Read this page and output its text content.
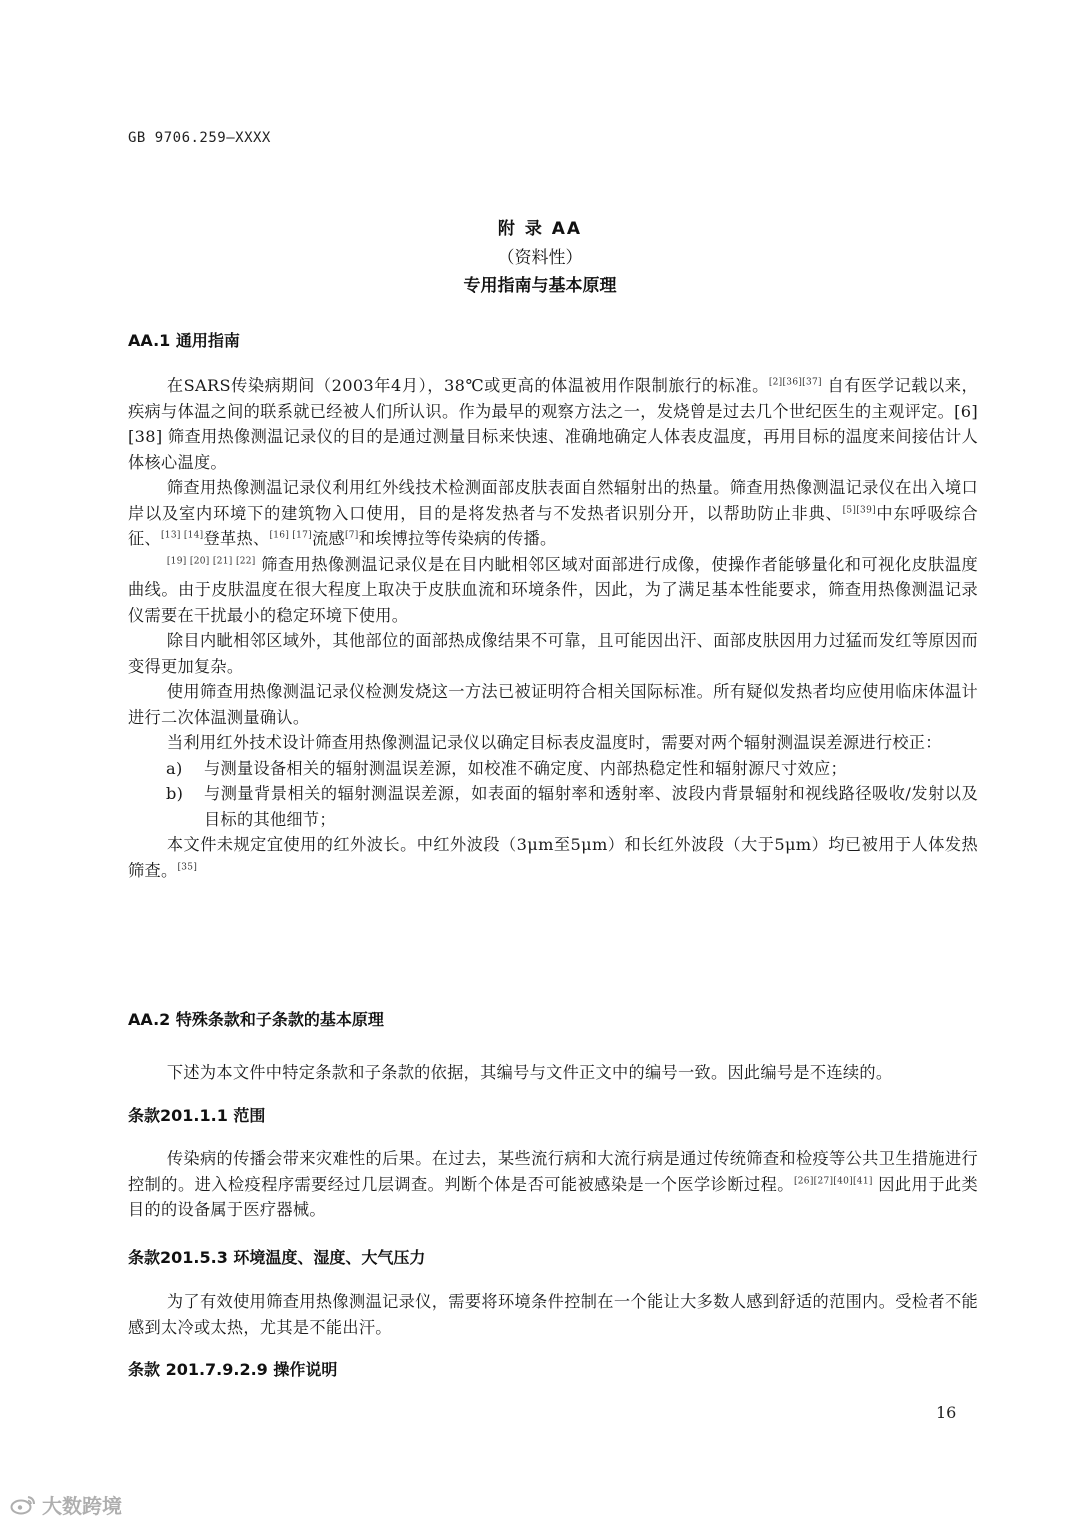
GB 9706.259—XXXX
附 录 AA
（资料性）
专用指南与基本原理
AA.1 通用指南

在SARS传染病期间（2003年4月），38℃或更高的体温被用作限制旅行的标准。[2][36][37] 自有医学记载以来，疾病与体温之间的联系就已经被人们所认识。作为最早的观察方法之一，发烧曾是过去几个世纪医生的主观评定。[6][38] 筛查用热像测温记录仪的目的是通过测量目标来快速、准确地确定人体表皮温度，再用目标的温度来间接估计人体核心温度。

筛查用热像测温记录仪利用红外线技术检测面部皮肤表面自然辐射出的热量。筛查用热像测温记录仪在出入境口岸以及室内环境下的建筑物入口使用，目的是将发热者与不发热者识别分开，以帮助防止非典、[5][39]中东呼吸综合征、[13] [14]登革热、[16] [17]流感[7]和埃博拉等传染病的传播。

[19] [20] [21] [22] 筛查用热像测温记录仪是在目内眦相邻区域对面部进行成像，使操作者能够量化和可视化皮肤温度曲线。由于皮肤温度在很大程度上取决于皮肤血流和环境条件，因此，为了满足基本性能要求，筛查用热像测温记录仪需要在干扰最小的稳定环境下使用。

除目内眦相邻区域外，其他部位的面部热成像结果不可靠，且可能因出汗、面部皮肤因用力过猛而发红等原因而变得更加复杂。

使用筛查用热像测温记录仪检测发烧这一方法已被证明符合相关国际标准。所有疑似发热者均应使用临床体温计进行二次体温测量确认。

当利用红外技术设计筛查用热像测温记录仪以确定目标表皮温度时，需要对两个辐射测温误差源进行校正：

a) 与测量设备相关的辐射测温误差源，如校准不确定度、内部热稳定性和辐射源尺寸效应；

b) 与测量背景相关的辐射测温误差源，如表面的辐射率和透射率、波段内背景辐射和视线路径吸收/发射以及目标的其他细节；

本文件未规定宜使用的红外波长。中红外波段（3μm至5μm）和长红外波段（大于5μm）均已被用于人体发热筛查。[35]

AA.2 特殊条款和子条款的基本原理

下述为本文件中特定条款和子条款的依据，其编号与文件正文中的编号一致。因此编号是不连续的。

条款201.1.1 范围

传染病的传播会带来灾难性的后果。在过去，某些流行病和大流行病是通过传统筛查和检疫等公共卫生措施进行控制的。进入检疫程序需要经过几层调查。判断个体是否可能被感染是一个医学诊断过程。[26][27][40][41] 因此用于此类目的的设备属于医疗器械。

条款201.5.3 环境温度、湿度、大气压力

为了有效使用筛查用热像测温记录仪，需要将环境条件控制在一个能让大多数人感到舒适的范围内。受检者不能感到太冷或太热，尤其是不能出汗。

条款 201.7.9.2.9 操作说明
16
大数跨境
